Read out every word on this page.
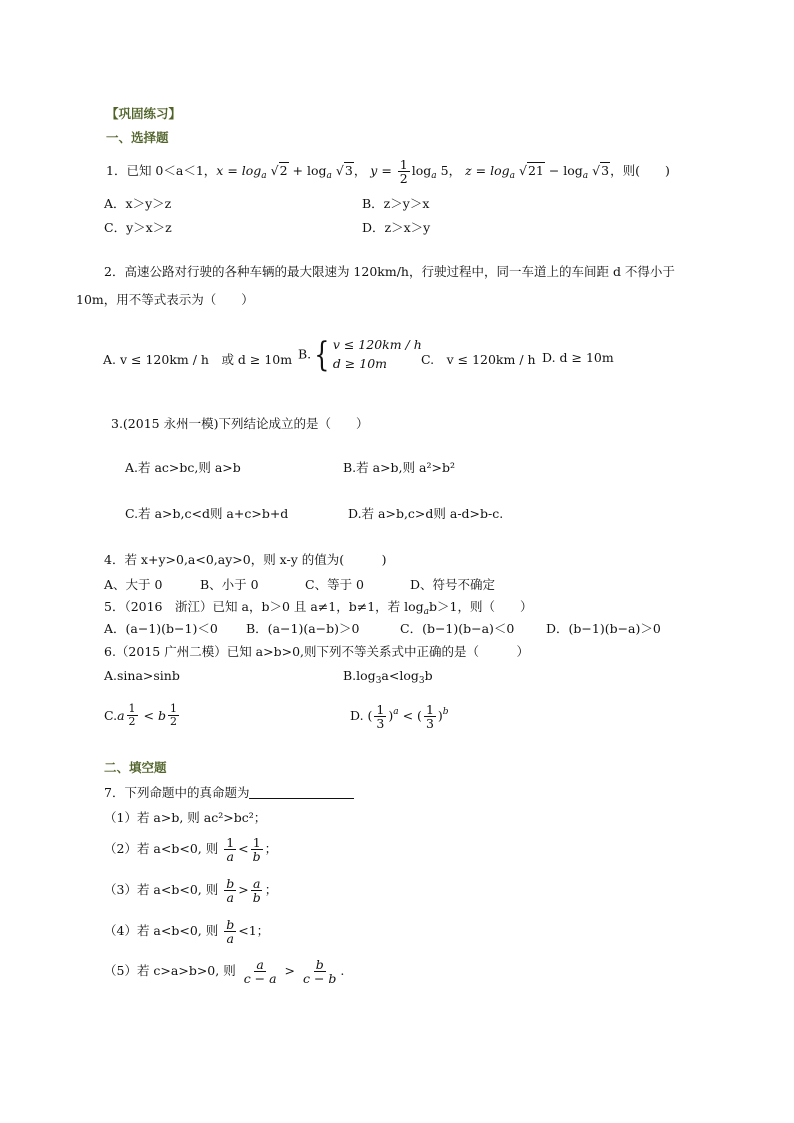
【巩固练习】
一、选择题
1．已知 0＜a＜1，$x = \log_a √2 + \log_a √3$， $y = \frac{1}{2} \log_a 5$， $z = \log_a √21 - \log_a √3$，则(　　)
A．x＞y＞z	B．z＞y＞x
C．y＞x＞z	D．z＞x＞y
2．高速公路对行驶的各种车辆的最大限速为 120km/h，行驶过程中，同一车道上的车间距 d 不得小于
10m，用不等式表示为（　　）
A. v ≤ 120km / h　或 d ≥ 10m B.{ v ≤ 120km / h
d ≥ 10m	C.　v ≤ 120km / h D. d ≥ 10m
3.(2015 永州一模)下列结论成立的是（　　）
A.若 ac>bc,则 a>b	B.若 a>b,则 a²>b²
C.若 a>b,c<d则 a+c>b+d	D.若 a>b,c>d则 a-d>b-c.
4．若 x+y>0,a<0,ay>0，则 x-y 的值为(　　　)
A、大于 0	B、小于 0	C、等于 0	D、符号不确定
5．（2016　浙江）已知 a，b＞0 且 a≠1，b≠1，若 $\log_ab>1$，则（　　）
A．(a−1)(b−1)＜0 B．(a−1)(a−b)＞0	C．(b−1)(b−a)＜0	D．(b−1)(b−a)＞0
6.（2015 广州二模）已知 a>b>0,则下列不等关系式中正确的是（　　　）
A.sina>sinb	$B.\log_3a<\log_3b$
$C.a \frac{1}{2} < b \frac{1}{2}$	D. ( $\frac{1}{3} )^a$ < ( $\frac{1}{3} )^b$
二、填空题
7．下列命题中的真命题为
（1）若 a>b, 则 ac²>bc²；
（2）若 a<b<0, 则 $\frac{1}{a} < \frac{1}{b}$ ；
（3）若 a<b<0, 则 $\frac{b}{a} > \frac{a}{b}$ ；
（4）若 a<b<0, 则 $\frac{b}{a} <1$；
（5）若 c>a>b>0, 则 $\frac{a}{c - a} > \frac{b}{c - b}$ .
